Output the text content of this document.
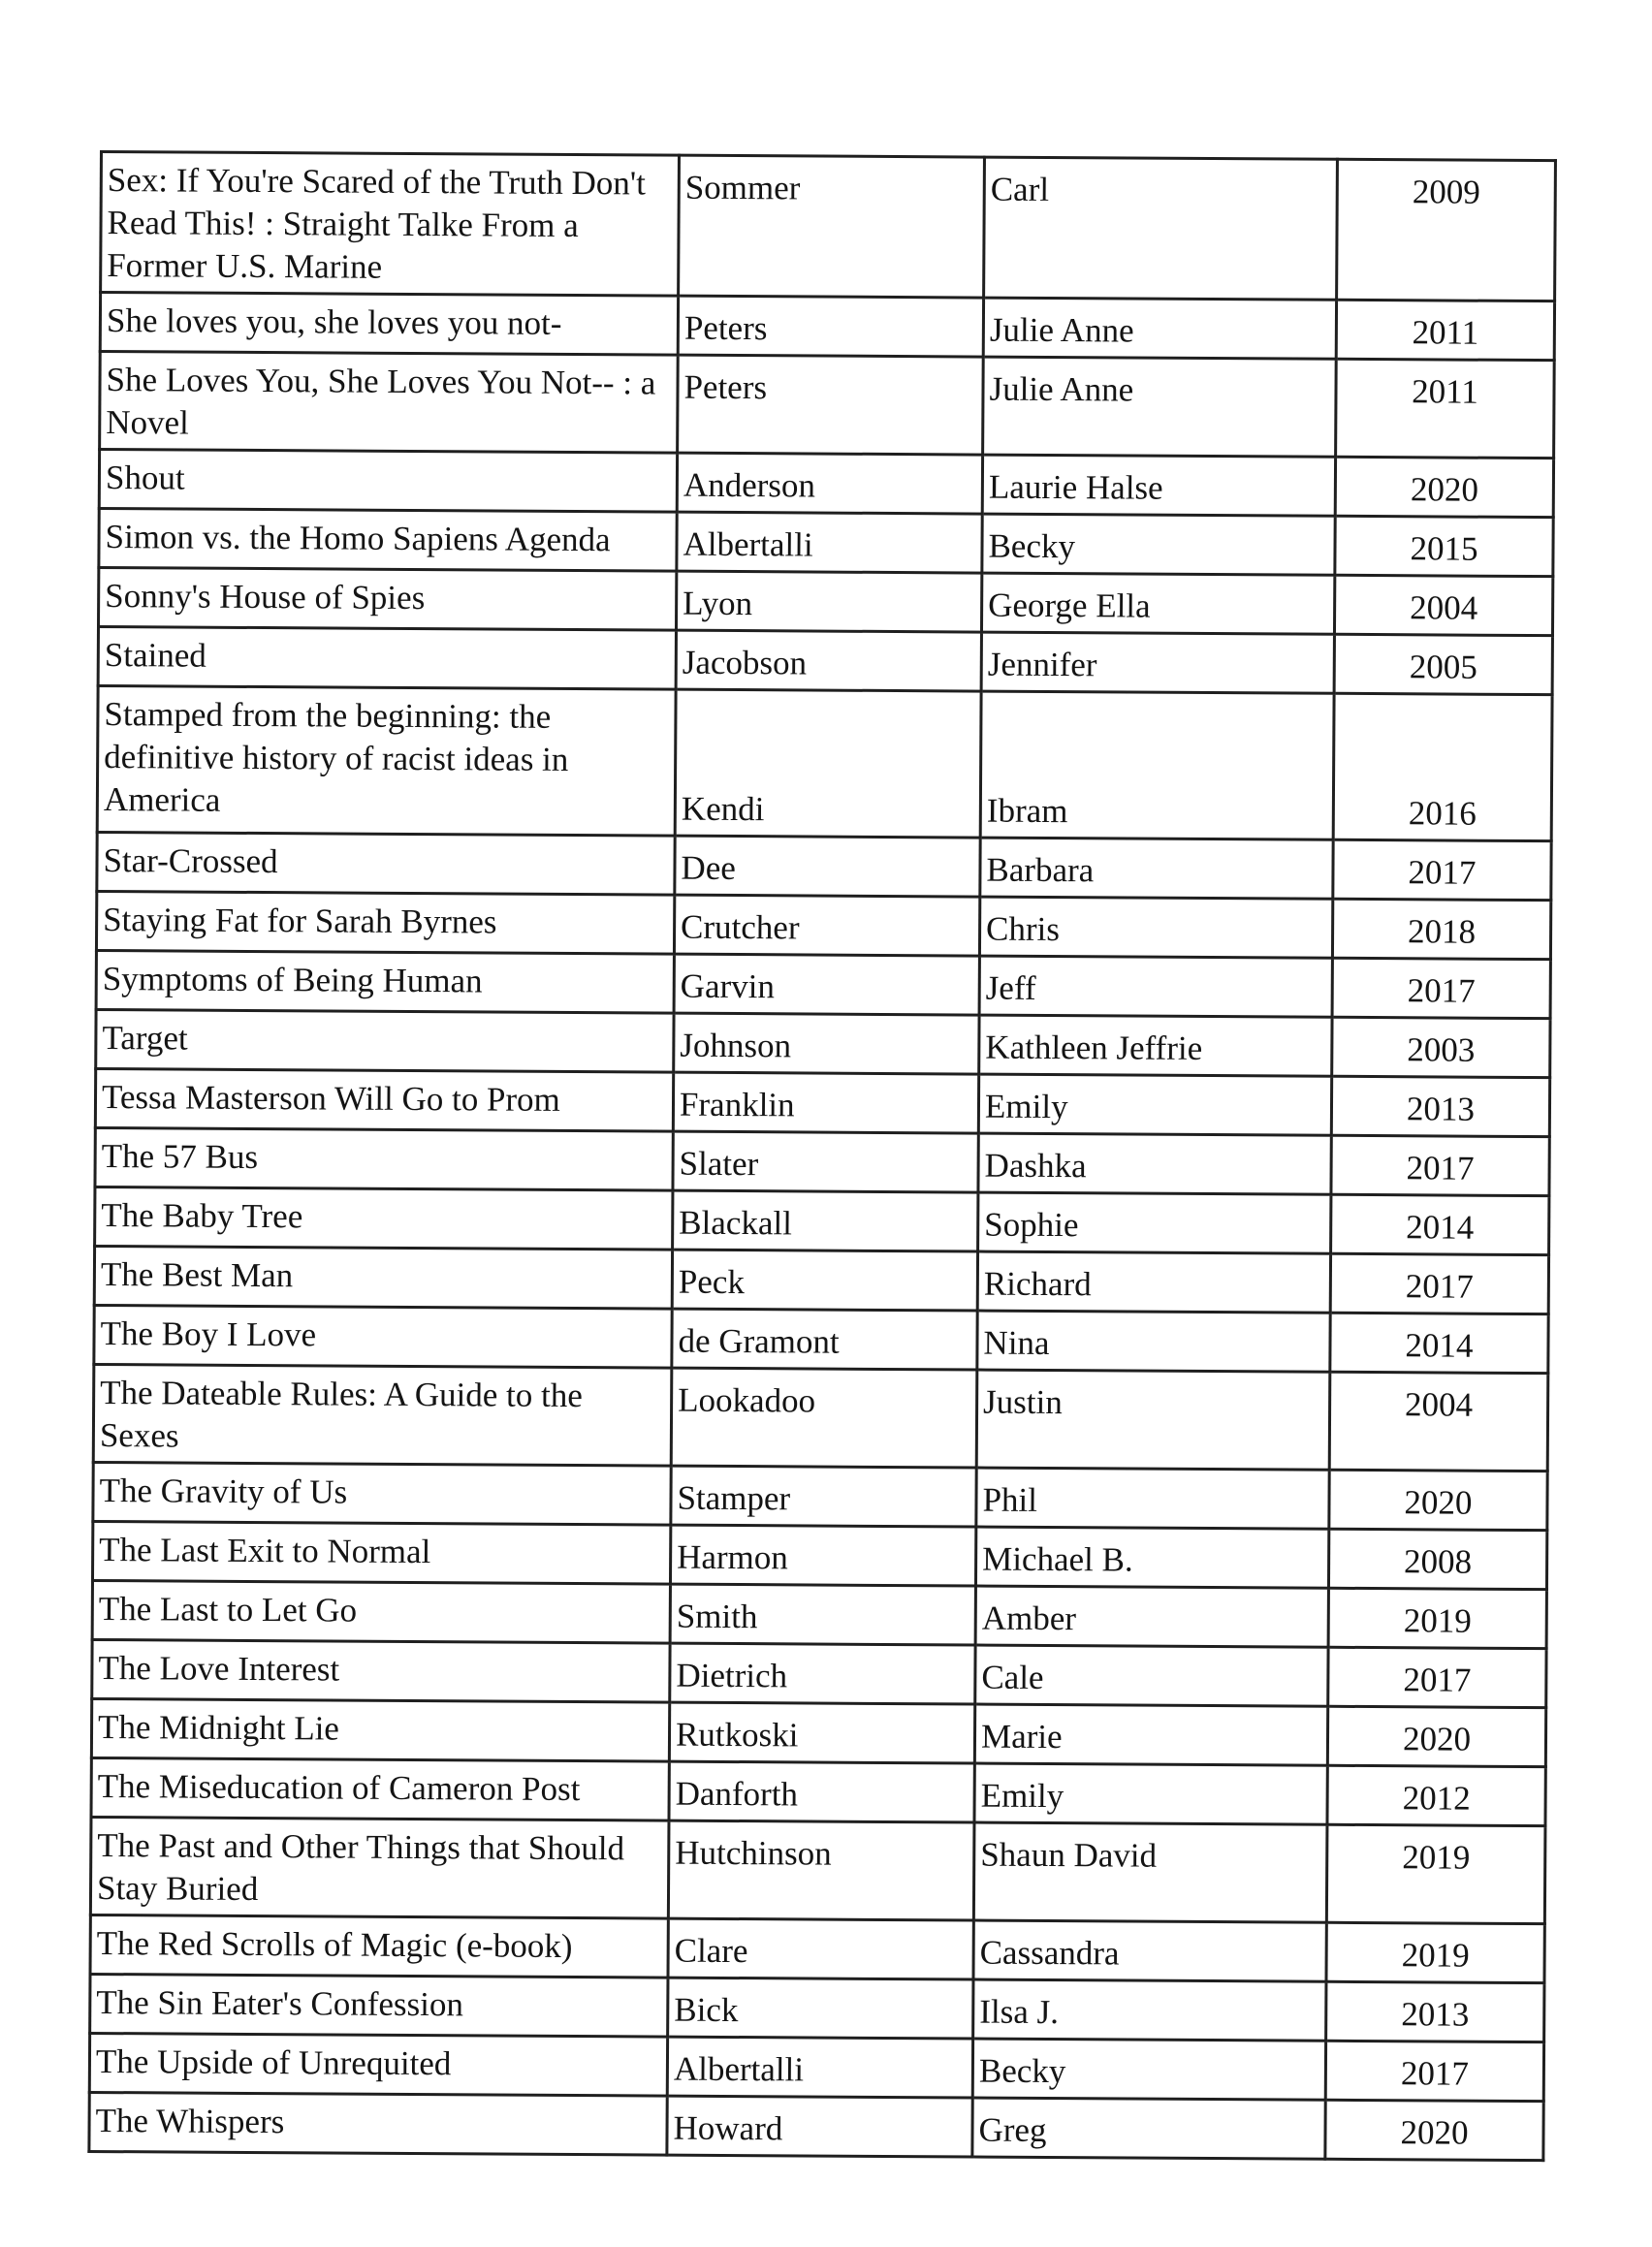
Sex: If You're Scared of the Truth Don't Read This! : Straight Talke From a Former U.S. Marine	Sommer	Carl	2009

She loves you, she loves you not-	Peters	Julie Anne	2011

She Loves You, She Loves You Not-- : a Novel	Peters	Julie Anne	2011

Shout	Anderson	Laurie Halse	2020

Simon vs. the Homo Sapiens Agenda	Albertalli	Becky	2015

Sonny's House of Spies	Lyon	George Ella	2004

Stained	Jacobson	Jennifer	2005

Stamped from the beginning: the definitive history of racist ideas in America	Kendi	Ibram	2016

Star-Crossed	Dee	Barbara	2017

Staying Fat for Sarah Byrnes	Crutcher	Chris	2018

Symptoms of Being Human	Garvin	Jeff	2017

Target	Johnson	Kathleen Jeffrie	2003

Tessa Masterson Will Go to Prom	Franklin	Emily	2013

The 57 Bus	Slater	Dashka	2017

The Baby Tree	Blackall	Sophie	2014

The Best Man	Peck	Richard	2017

The Boy I Love	de Gramont	Nina	2014

The Dateable Rules: A Guide to the Sexes	Lookadoo	Justin	2004

The Gravity of Us	Stamper	Phil	2020

The Last Exit to Normal	Harmon	Michael B.	2008

The Last to Let Go	Smith	Amber	2019

The Love Interest	Dietrich	Cale	2017

The Midnight Lie	Rutkoski	Marie	2020

The Miseducation of Cameron Post	Danforth	Emily	2012

The Past and Other Things that Should Stay Buried	Hutchinson	Shaun David	2019

The Red Scrolls of Magic (e-book)	Clare	Cassandra	2019

The Sin Eater's Confession	Bick	Ilsa J.	2013

The Upside of Unrequited	Albertalli	Becky	2017

The Whispers	Howard	Greg	2020
